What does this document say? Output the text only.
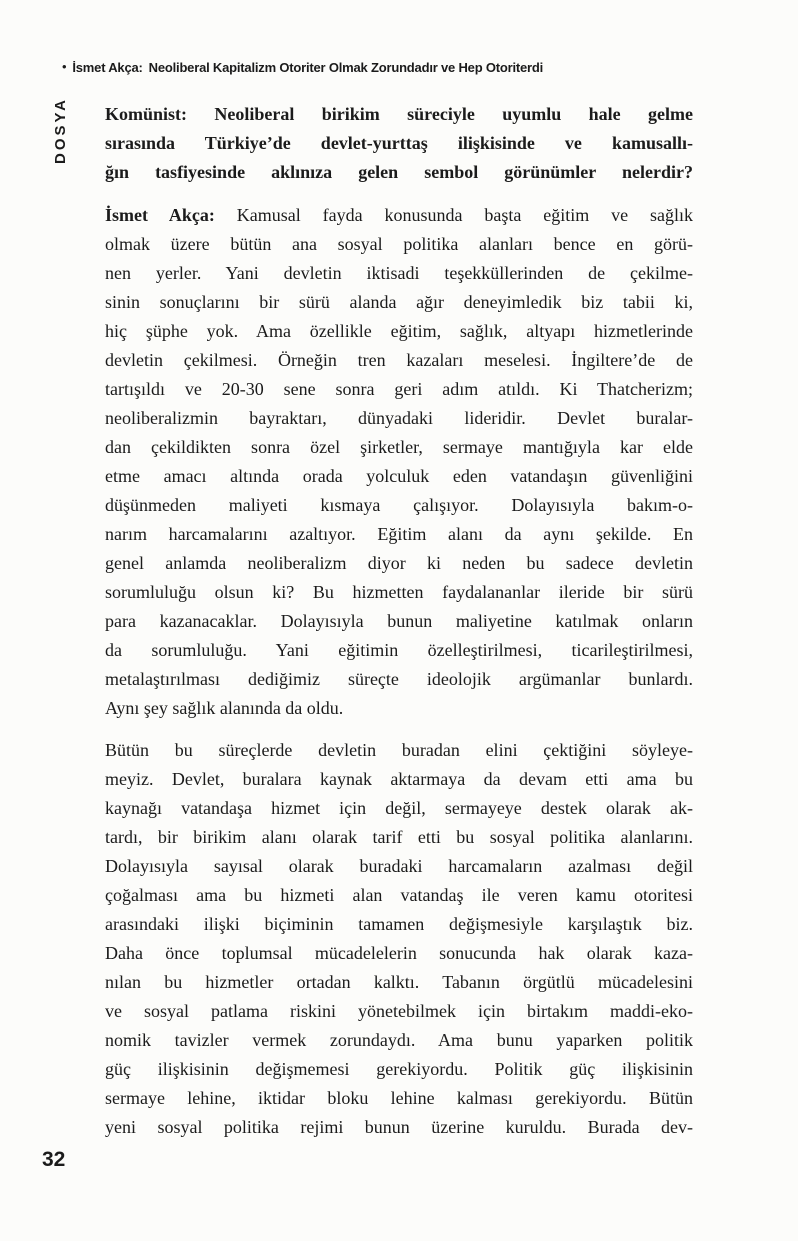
• İsmet Akça: Neoliberal Kapitalizm Otoriter Olmak Zorundadır ve Hep Otoriterdi
DOSYA Komünist: Neoliberal birikim süreciyle uyumlu hale gelme
sırasında Türkiye’de devlet-yurttaş ilişkisinde ve kamusallı-
ğın tasfiyesinde aklınıza gelen sembol görünümler nelerdir?
İsmet Akça: Kamusal fayda konusunda başta eğitim ve sağlık
olmak üzere bütün ana sosyal politika alanları bence en görü-
nen yerler. Yani devletin iktisadi teşekküllerinden de çekilme-
sinin sonuçlarını bir sürü alanda ağır deneyimledik biz tabii ki,
hiç şüphe yok. Ama özellikle eğitim, sağlık, altyapı hizmetlerinde
devletin çekilmesi. Örneğin tren kazaları meselesi. İngiltere’de de
tartışıldı ve 20-30 sene sonra geri adım atıldı. Ki Thatcherizm;
neoliberalizmin bayraktarı, dünyadaki lideridir. Devlet buralar-
dan çekildikten sonra özel şirketler, sermaye mantığıyla kar elde
etme amacı altında orada yolculuk eden vatandaşın güvenliğini
düşünmeden maliyeti kısmaya çalışıyor. Dolayısıyla bakım-o-
narım harcamalarını azaltıyor. Eğitim alanı da aynı şekilde. En
genel anlamda neoliberalizm diyor ki neden bu sadece devletin
sorumluluğu olsun ki? Bu hizmetten faydalananlar ileride bir sürü
para kazanacaklar. Dolayısıyla bunun maliyetine katılmak onların
da sorumluluğu. Yani eğitimin özelleştirilmesi, ticarileştirilmesi,
metalaştırılması dediğimiz süreçte ideolojik argümanlar bunlardı.
Aynı şey sağlık alanında da oldu.
Bütün bu süreçlerde devletin buradan elini çektiğini söyleye-
meyiz. Devlet, buralara kaynak aktarmaya da devam etti ama bu
kaynağı vatandaşa hizmet için değil, sermayeye destek olarak ak-
tardı, bir birikim alanı olarak tarif etti bu sosyal politika alanlarını.
Dolayısıyla sayısal olarak buradaki harcamaların azalması değil
çoğalması ama bu hizmeti alan vatandaş ile veren kamu otoritesi
arasındaki ilişki biçiminin tamamen değişmesiyle karşılaştık biz.
Daha önce toplumsal mücadelelerin sonucunda hak olarak kaza-
nılan bu hizmetler ortadan kalktı. Tabanın örgütlü mücadelesini
ve sosyal patlama riskini yönetebilmek için birtakım maddi-eko-
nomik tavizler vermek zorundaydı. Ama bunu yaparken politik
güç ilişkisinin değişmemesi gerekiyordu. Politik güç ilişkisinin
sermaye lehine, iktidar bloku lehine kalması gerekiyordu. Bütün
yeni sosyal politika rejimi bunun üzerine kuruldu. Burada dev-
32
